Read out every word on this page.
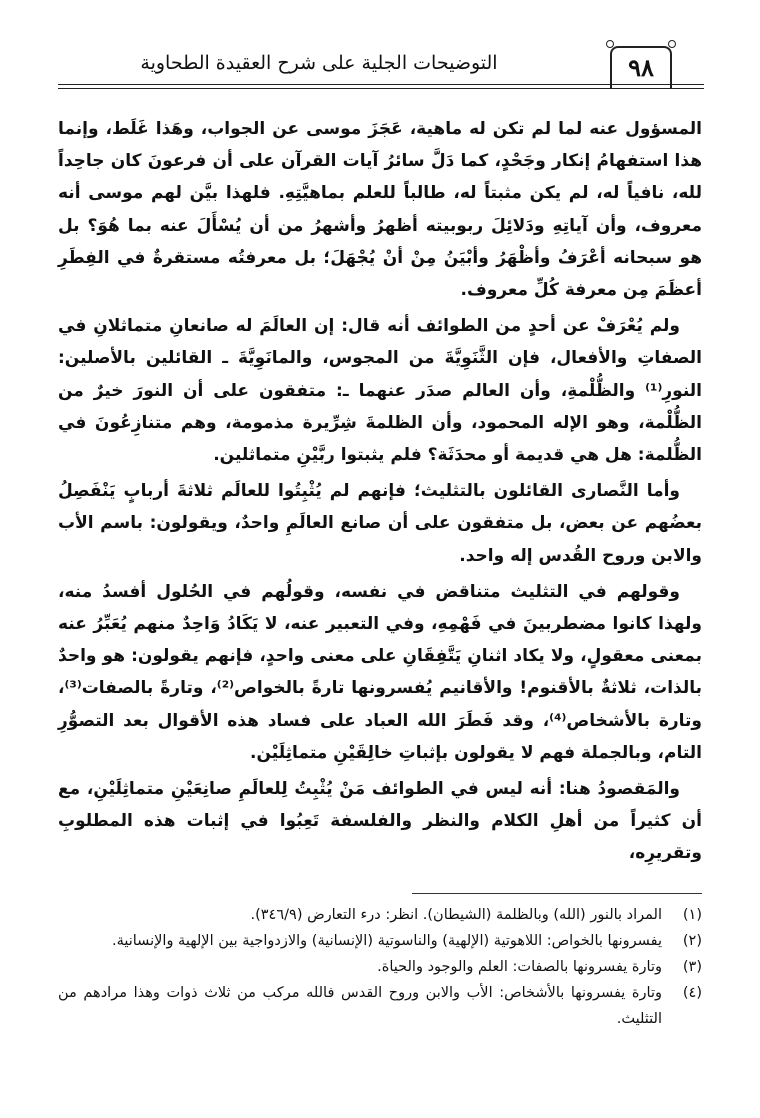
التوضيحات الجلية على شرح العقيدة الطحاوية	٩٨

المسؤول عنه لما لم تكن له ماهية، عَجَزَ موسى عن الجواب، وهَذا غَلَط، وإنما هذا استفهامُ إنكار وجَحْدٍ، كما دَلَّ سائرُ آيات القرآن على أن فرعونَ كان جاحِداً لله، نافياً له، لم يكن مثبتاً له، طالباً للعلم بماهيَّتِهِ. فلهذا بيَّن لهم موسى أنه معروف، وأن آياتِهِ ودَلائِلَ ربوبيته أظهرُ وأشهرُ من أن يُسْأَلَ عنه بما هُوَ؟ بل هو سبحانه أعْرَفُ وأظْهَرُ وأبْيَنُ مِنْ أنْ يُجْهَلَ؛ بل معرفتُه مستقرةٌ في الفِطَرِ أعظَمَ مِن معرفة كُلِّ معروف.

ولم يُعْرَفْ عن أحدٍ من الطوائف أنه قال: إن العالَمَ له صانعانِ متماثلانِ في الصفاتِ والأفعال، فإن الثَّنَوِيَّةَ من المجوس، والمانَوِيَّةَ ـ القائلين بالأصلين: النورِ⁽¹⁾ والظُّلْمةِ، وأن العالم صدَر عنهما ـ: متفقون على أن النورَ خيرٌ من الظُّلْمة، وهو الإله المحمود، وأن الظلمةَ شِرِّيرة مذمومة، وهم متنازِعُونَ في الظُّلمة: هل هي قديمة أو محدَثَة؟ فلم يثبتوا ربَّيْنِ متماثلين.

وأما النَّصارى القائلون بالتثليث؛ فإنهم لم يُثْبِتُوا للعالَم ثلاثةَ أربابٍ يَنْفَصِلُ بعضُهم عن بعض، بل متفقون على أن صانع العالَمِ واحدٌ، ويقولون: باسم الأب والابن وروح القُدس إله واحد.

وقولهم في التثليث متناقض في نفسه، وقولُهم في الحُلول أفسدُ منه، ولهذا كانوا مضطربينَ في فَهْمِهِ، وفي التعبير عنه، لا يَكَادُ وَاحِدٌ منهم يُعَبِّرُ عنه بمعنى معقولٍ، ولا يكاد اثنانِ يَتَّفِقَانِ على معنى واحدٍ، فإنهم يقولون: هو واحدٌ بالذات، ثلاثةٌ بالأقنوم! والأقانيم يُفسرونها تارةً بالخواص⁽²⁾، وتارةً بالصفات⁽³⁾، وتارة بالأشخاص⁽⁴⁾، وقد فَطَرَ الله العباد على فساد هذه الأقوال بعد التصوُّرِ التام، وبالجملة فهم لا يقولون بإثباتِ خالِقَيْنِ متماثِلَيْن.

والمَقصودُ هنا: أنه ليس في الطوائف مَنْ يُثْبِتُ لِلعالَمِ صانِعَيْنِ متماثِلَيْنِ، مع أن كثيراً من أهلِ الكلام والنظر والفلسفة تَعِبُوا في إثبات هذه المطلوبِ وتقريرِه،

(١)
المراد بالنور (الله) وبالظلمة (الشيطان). انظر: درء التعارض (٣٤٦/٩).
(٢)
يفسرونها بالخواص: اللاهوتية (الإلهية) والناسوتية (الإنسانية) والازدواجية بين الإلهية والإنسانية.
(٣)
وتارة يفسرونها بالصفات: العلم والوجود والحياة.
(٤)
وتارة يفسرونها بالأشخاص: الأب والابن وروح القدس فالله مركب من ثلاث ذوات وهذا مرادهم من التثليث.
